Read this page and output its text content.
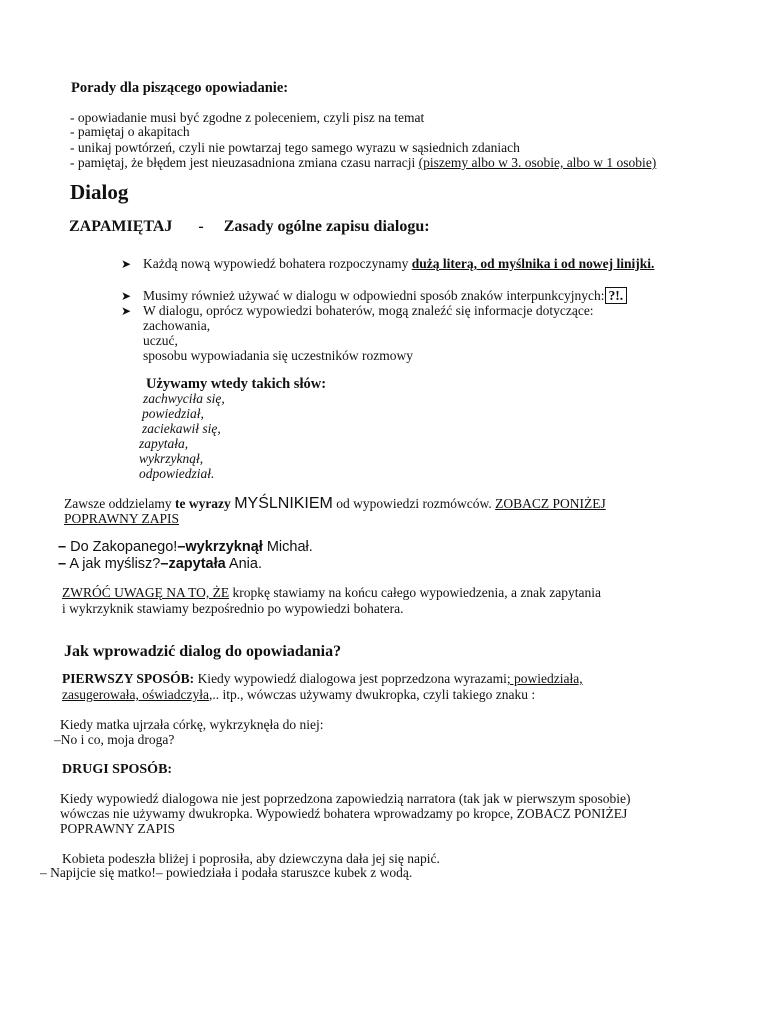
Porady dla piszącego opowiadanie:
- opowiadanie musi być zgodne z poleceniem, czyli pisz na temat
- pamiętaj o akapitach
- unikaj powtórzeń, czyli nie powtarzaj tego samego wyrazu w sąsiednich zdaniach
- pamiętaj, że błędem jest nieuzasadniona zmiana czasu narracji (piszemy albo w 3. osobie, albo w 1 osobie)
Dialog
ZAPAMIĘTAJ - Zasady ogólne zapisu dialogu:
➤ Każdą nową wypowiedź bohatera rozpoczynamy dużą literą, od myślnika i od nowej linijki.
➤ Musimy również używać w dialogu w odpowiedni sposób znaków interpunkcyjnych: ?!.
➤ W dialogu, oprócz wypowiedzi bohaterów, mogą znaleźć się informacje dotyczące:
zachowania,
uczuć,
sposobu wypowiadania się uczestników rozmowy
Używamy wtedy takich słów:
zachwyciła się,
powiedział,
zaciekawił się,
zapytała,
wykrzyknął,
odpowiedział.
Zawsze oddzielamy te wyrazy MYŚLNIKIEM od wypowiedzi rozmówców. ZOBACZ PONIŻEJ
POPRAWNY ZAPIS
– Do Zakopanego!–wykrzyknął Michał.
– A jak myślisz?–zapytała Ania.
ZWRÓĆ UWAGĘ NA TO, ŻE kropkę stawiamy na końcu całego wypowiedzenia, a znak zapytania
i wykrzyknik stawiamy bezpośrednio po wypowiedzi bohatera.
Jak wprowadzić dialog do opowiadania?
PIERWSZY SPOSÓB: Kiedy wypowiedź dialogowa jest poprzedzona wyrazami; powiedziała,
zasugerowała, oświadczyła,.. itp., wówczas używamy dwukropka, czyli takiego znaku :
Kiedy matka ujrzała córkę, wykrzyknęła do niej:
–No i co, moja droga?
DRUGI SPOSÓB:
Kiedy wypowiedź dialogowa nie jest poprzedzona zapowiedzią narratora (tak jak w pierwszym sposobie)
wówczas nie używamy dwukropka. Wypowiedź bohatera wprowadzamy po kropce, ZOBACZ PONIŻEJ
POPRAWNY ZAPIS
Kobieta podeszła bliżej i poprosiła, aby dziewczyna dała jej się napić.
– Napijcie się matko!– powiedziała i podała staruszce kubek z wodą.
